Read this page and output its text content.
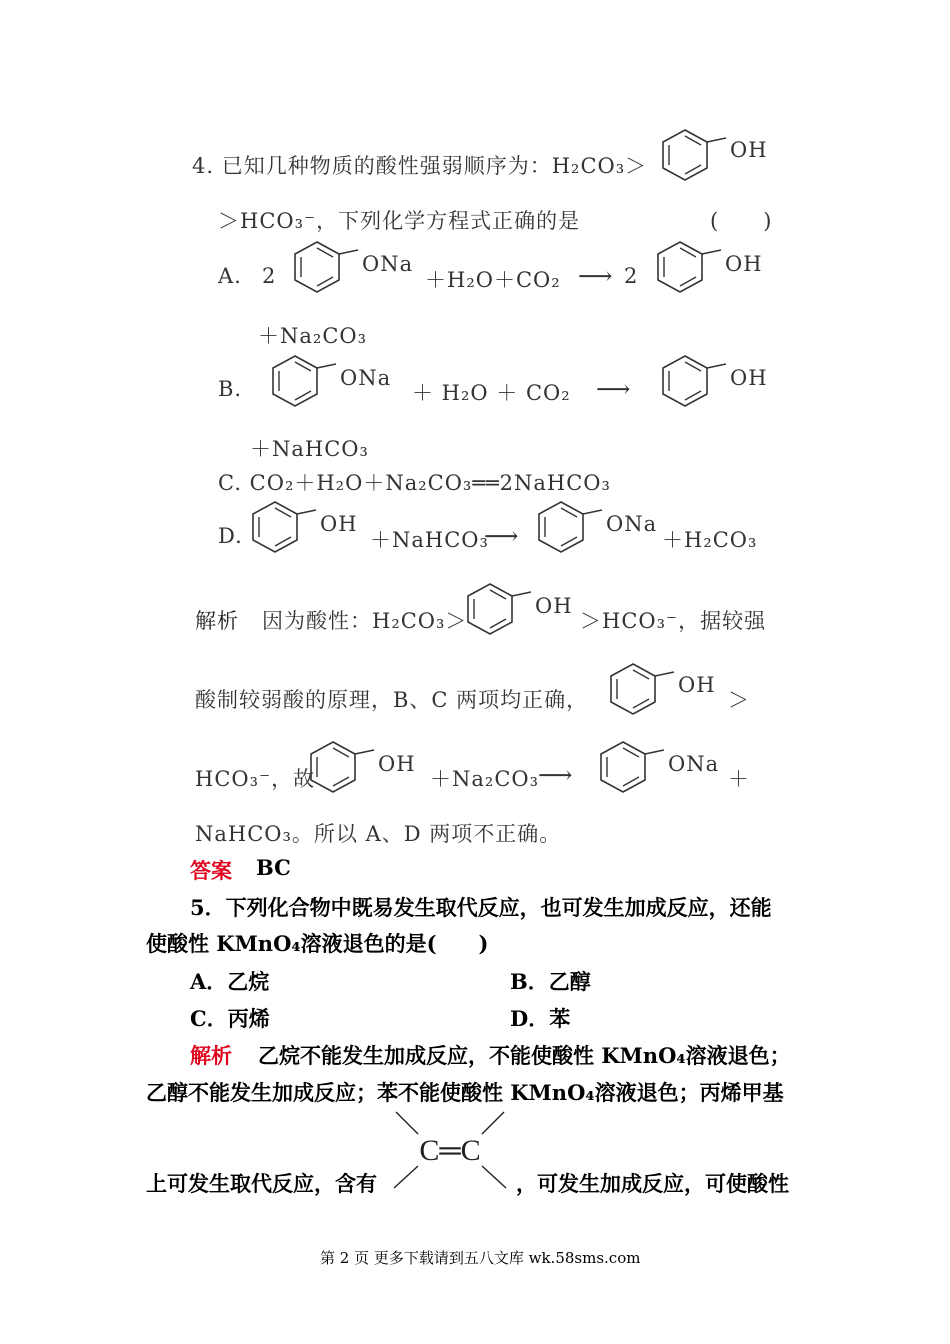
4. 已知几种物质的酸性强弱顺序为：H₂CO₃＞
OH
＞HCO₃⁻，下列化学方程式正确的是	(　　)
A. 2	ONa
＋H₂O＋CO₂ ⟶ 2	OH
＋Na₂CO₃
B.	ONa
＋ H₂O ＋ CO₂ ⟶	OH
＋NaHCO₃
C. CO₂＋H₂O＋Na₂CO₃══2NaHCO₃
D.	OH
＋NaHCO₃
⟶	ONa
＋H₂CO₃
解析 因为酸性：H₂CO₃＞
OH
＞HCO₃⁻，据较强
酸制较弱酸的原理，B、C 两项均正确，
OH
＞
HCO₃⁻，故
OH
＋Na₂CO₃
⟶	ONa
＋
NaHCO₃。所以 A、D 两项不正确。
答案 BC
5．下列化合物中既易发生取代反应，也可发生加成反应，还能
使酸性 KMnO₄溶液退色的是(　　)
A．乙烷	B．乙醇
C．丙烯	D．苯
解析 乙烷不能发生加成反应，不能使酸性 KMnO₄溶液退色；
乙醇不能发生加成反应；苯不能使酸性 KMnO₄溶液退色；丙烯甲基
C═C
上可发生取代反应，含有	，可发生加成反应，可使酸性
第 2 页 更多下载请到五八文库 wk.58sms.com
